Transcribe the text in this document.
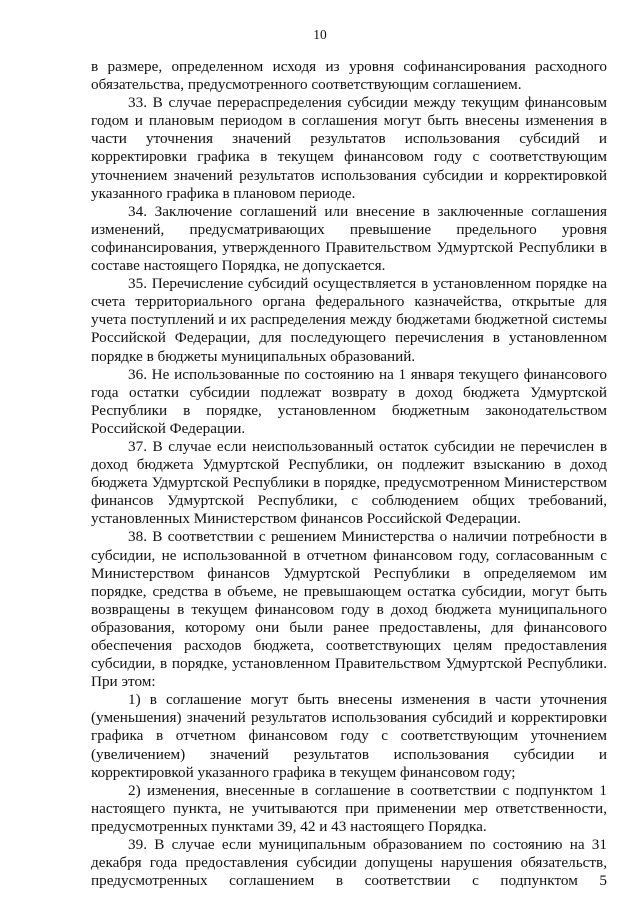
10

в размере, определенном исходя из уровня софинансирования расходного обязательства, предусмотренного соответствующим соглашением.

33. В случае перераспределения субсидии между текущим финансовым годом и плановым периодом в соглашения могут быть внесены изменения в части уточнения значений результатов использования субсидий и корректировки графика в текущем финансовом году с соответствующим уточнением значений результатов использования субсидии и корректировкой указанного графика в плановом периоде.

34. Заключение соглашений или внесение в заключенные соглашения изменений, предусматривающих превышение предельного уровня софинансирования, утвержденного Правительством Удмуртской Республики в составе настоящего Порядка, не допускается.

35. Перечисление субсидий осуществляется в установленном порядке на счета территориального органа федерального казначейства, открытые для учета поступлений и их распределения между бюджетами бюджетной системы Российской Федерации, для последующего перечисления в установленном порядке в бюджеты муниципальных образований.

36. Не использованные по состоянию на 1 января текущего финансового года остатки субсидии подлежат возврату в доход бюджета Удмуртской Республики в порядке, установленном бюджетным законодательством Российской Федерации.

37. В случае если неиспользованный остаток субсидии не перечислен в доход бюджета Удмуртской Республики, он подлежит взысканию в доход бюджета Удмуртской Республики в порядке, предусмотренном Министерством финансов Удмуртской Республики, с соблюдением общих требований, установленных Министерством финансов Российской Федерации.

38. В соответствии с решением Министерства о наличии потребности в субсидии, не использованной в отчетном финансовом году, согласованным с Министерством финансов Удмуртской Республики в определяемом им порядке, средства в объеме, не превышающем остатка субсидии, могут быть возвращены в текущем финансовом году в доход бюджета муниципального образования, которому они были ранее предоставлены, для финансового обеспечения расходов бюджета, соответствующих целям предоставления субсидии, в порядке, установленном Правительством Удмуртской Республики. При этом:

1) в соглашение могут быть внесены изменения в части уточнения (уменьшения) значений результатов использования субсидий и корректировки графика в отчетном финансовом году с соответствующим уточнением (увеличением) значений результатов использования субсидии и корректировкой указанного графика в текущем финансовом году;

2) изменения, внесенные в соглашение в соответствии с подпунктом 1 настоящего пункта, не учитываются при применении мер ответственности, предусмотренных пунктами 39, 42 и 43 настоящего Порядка.

39. В случае если муниципальным образованием по состоянию на 31 декабря года предоставления субсидии допущены нарушения обязательств, предусмотренных соглашением в соответствии с подпунктом 5
